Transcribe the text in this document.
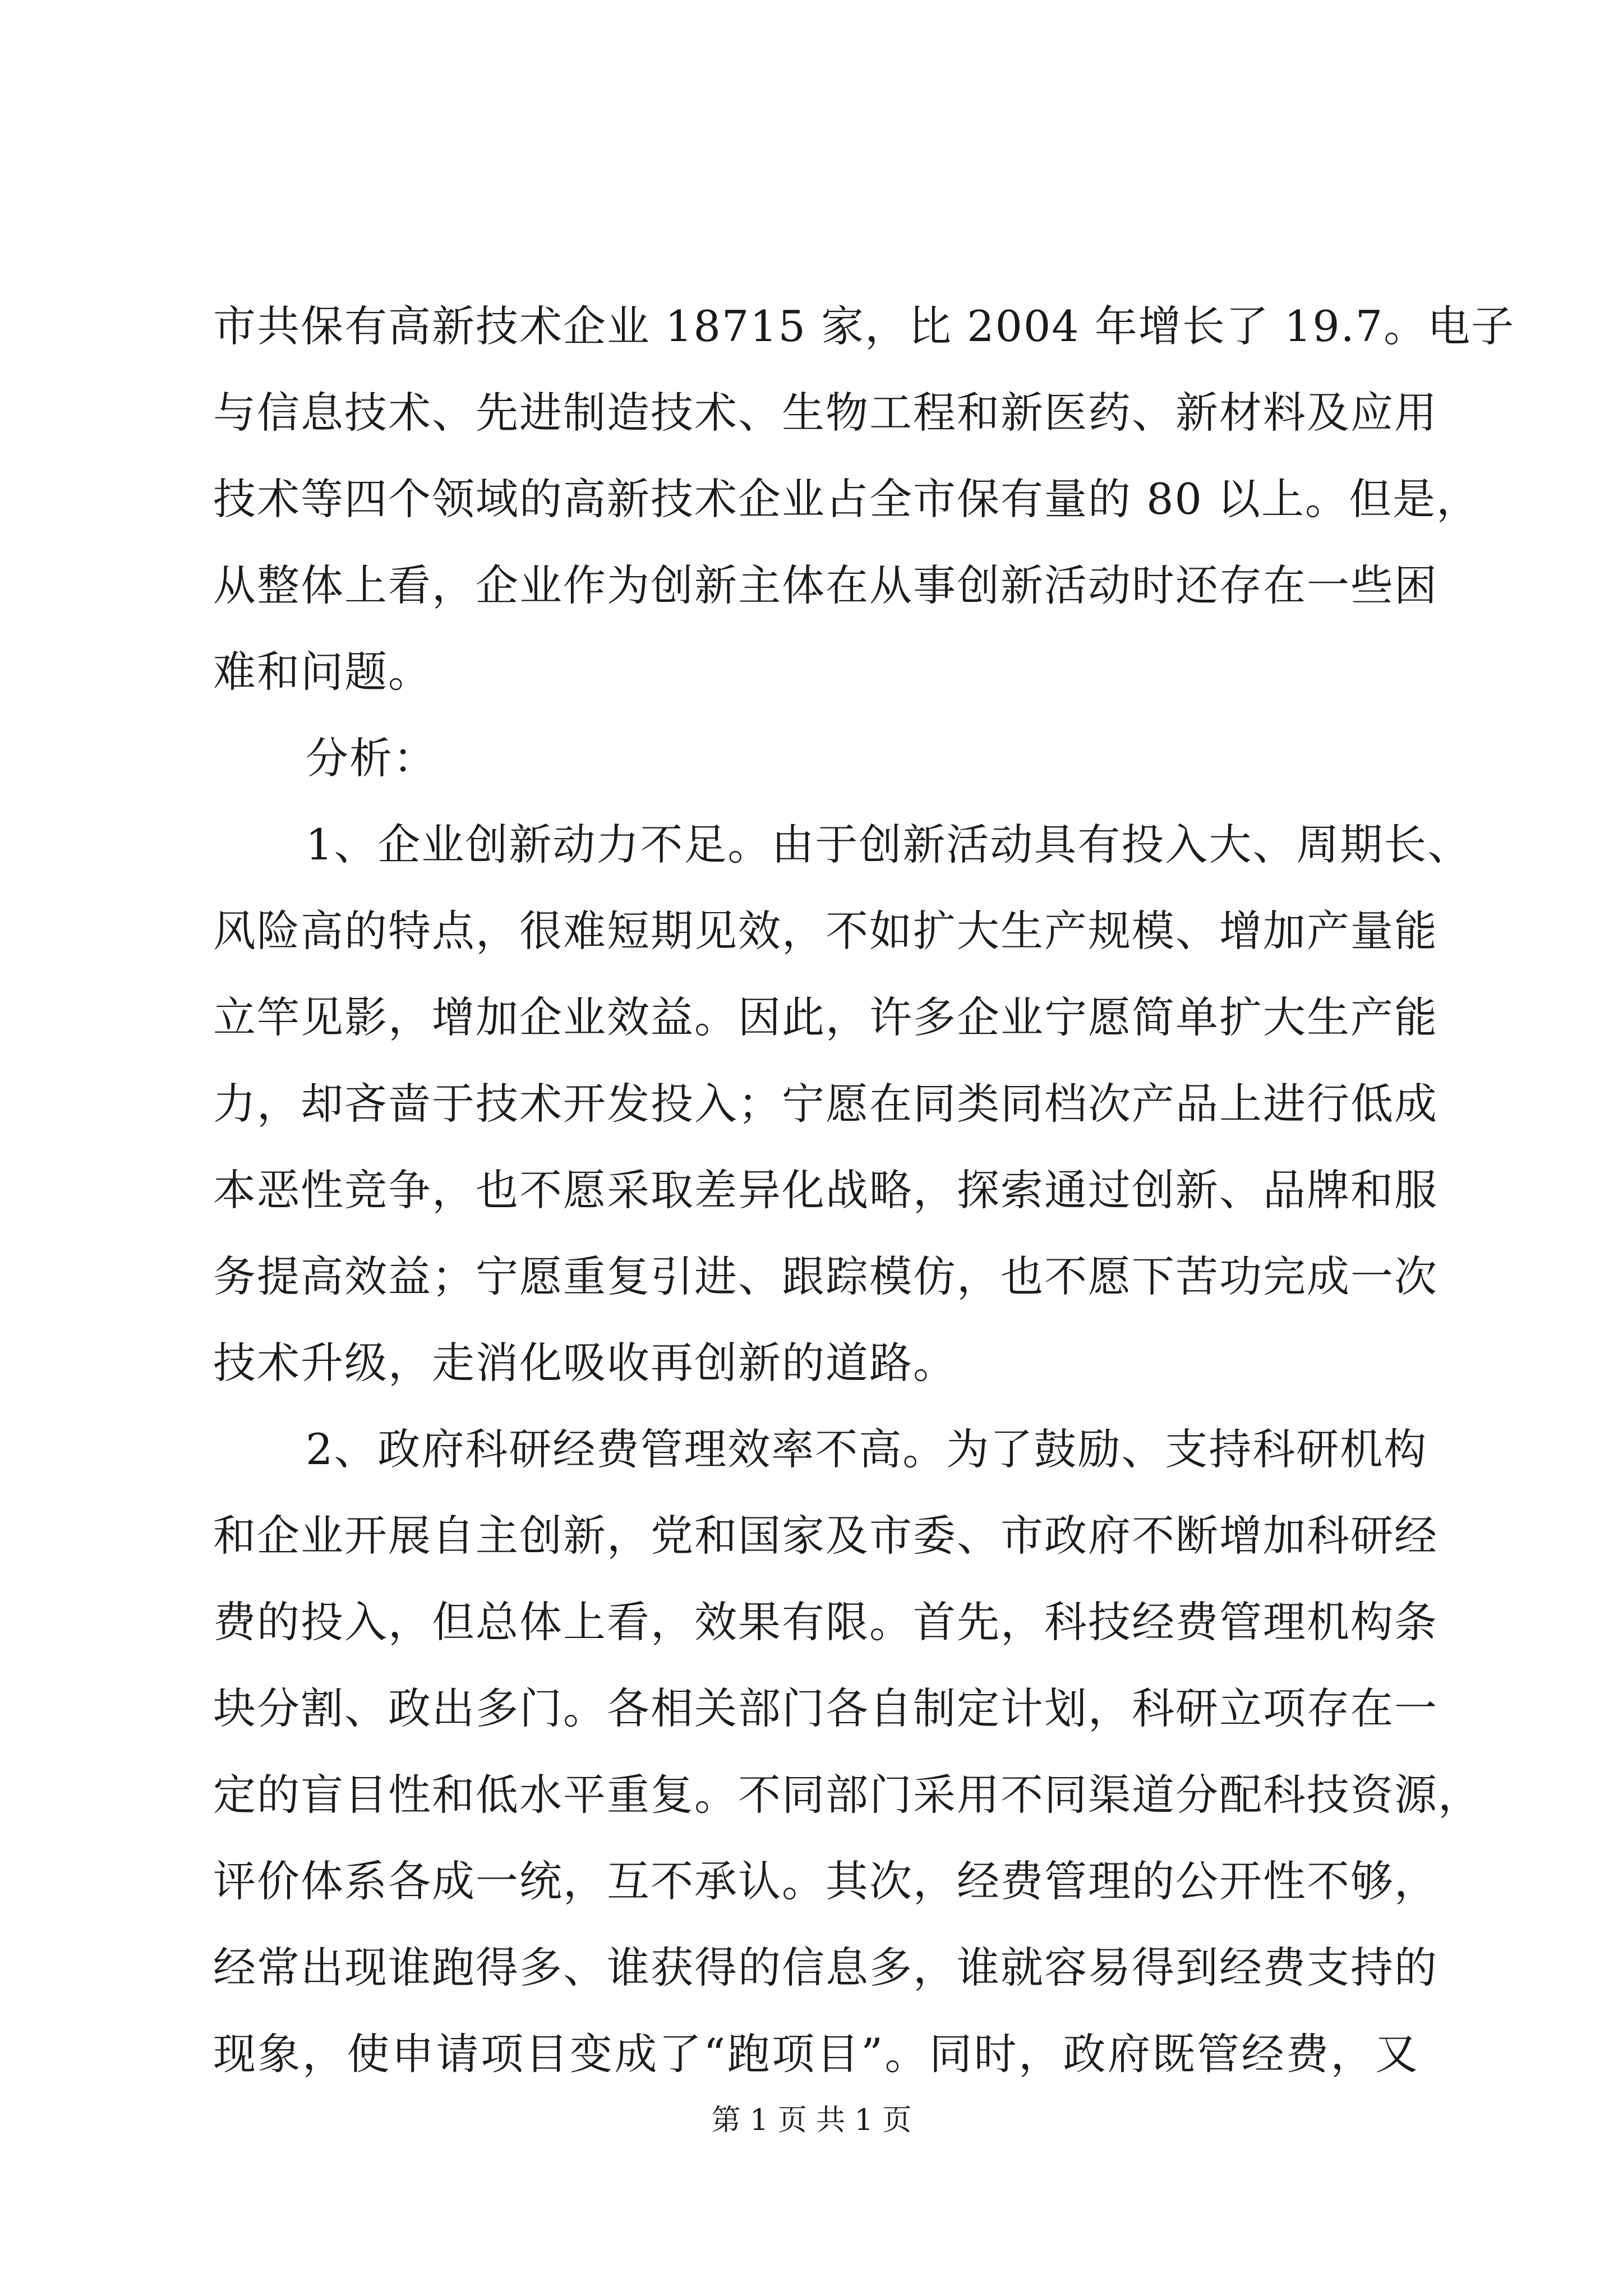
市共保有高新技术企业 18715 家，比 2004 年增长了 19.7。电子
与信息技术、先进制造技术、生物工程和新医药、新材料及应用
技术等四个领域的高新技术企业占全市保有量的 80 以上。但是，
从整体上看，企业作为创新主体在从事创新活动时还存在一些困
难和问题。
分析：
1、企业创新动力不足。由于创新活动具有投入大、周期长、
风险高的特点，很难短期见效，不如扩大生产规模、增加产量能
立竿见影，增加企业效益。因此，许多企业宁愿简单扩大生产能
力，却吝啬于技术开发投入；宁愿在同类同档次产品上进行低成
本恶性竞争，也不愿采取差异化战略，探索通过创新、品牌和服
务提高效益；宁愿重复引进、跟踪模仿，也不愿下苦功完成一次
技术升级，走消化吸收再创新的道路。
2、政府科研经费管理效率不高。为了鼓励、支持科研机构
和企业开展自主创新，党和国家及市委、市政府不断增加科研经
费的投入，但总体上看，效果有限。首先，科技经费管理机构条
块分割、政出多门。各相关部门各自制定计划，科研立项存在一
定的盲目性和低水平重复。不同部门采用不同渠道分配科技资源，
评价体系各成一统，互不承认。其次，经费管理的公开性不够，
经常出现谁跑得多、谁获得的信息多，谁就容易得到经费支持的
现象，使申请项目变成了“跑项目”。同时，政府既管经费，又
第 1 页 共 1 页
